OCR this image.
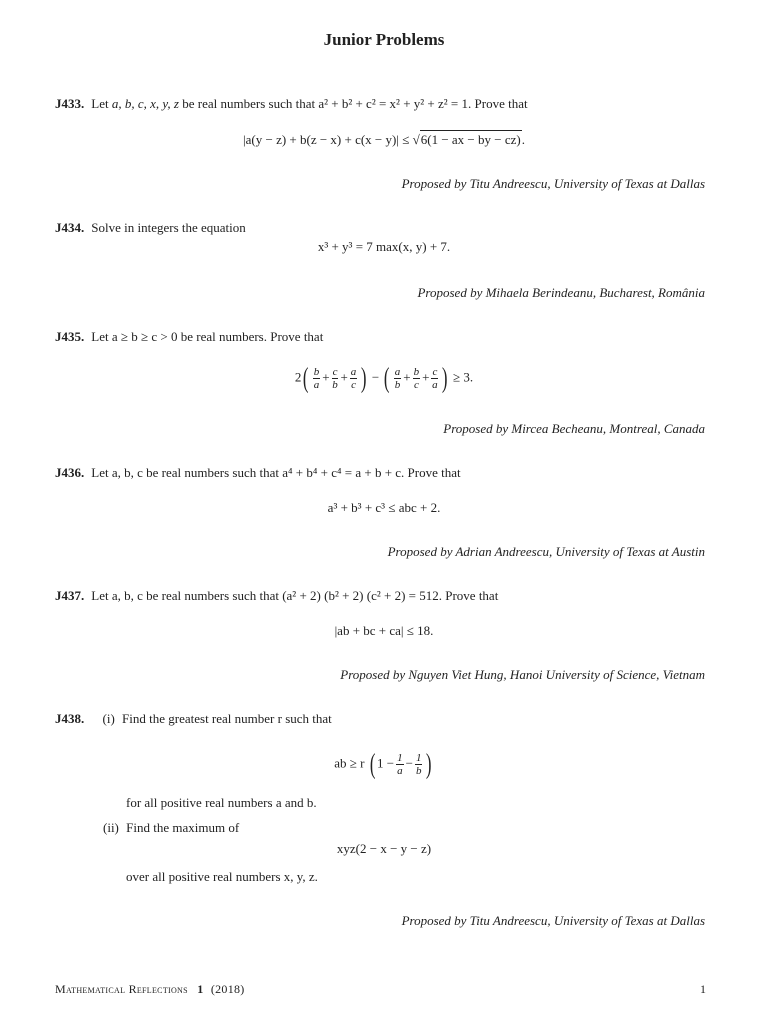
Junior Problems
J433. Let a, b, c, x, y, z be real numbers such that a² + b² + c² = x² + y² + z² = 1. Prove that
|a(y − z) + b(z − x) + c(x − y)| ≤ √6(1 − ax − by − cz).
Proposed by Titu Andreescu, University of Texas at Dallas
J434. Solve in integers the equation
x³ + y³ = 7 max(x, y) + 7.
Proposed by Mihaela Berindeanu, Bucharest, România
J435. Let a ≥ b ≥ c > 0 be real numbers. Prove that
$2( \frac{b}{a} + \frac{c}{b} + \frac{a}{c}$ ) − ( $\frac{a}{b} + \frac{b}{c} + \frac{c}{a}$ ) ≥ 3.
Proposed by Mircea Becheanu, Montreal, Canada
J436. Let a, b, c be real numbers such that a⁴ + b⁴ + c⁴ = a + b + c. Prove that
a³ + b³ + c³ ≤ abc + 2.
Proposed by Adrian Andreescu, University of Texas at Austin
J437. Let a, b, c be real numbers such that (a² + 2) (b² + 2) (c² + 2) = 512. Prove that
|ab + bc + ca| ≤ 18.
Proposed by Nguyen Viet Hung, Hanoi University of Science, Vietnam
J438. (i) Find the greatest real number r such that
ab ≥ r ( $1 - \frac{1}{a} - \frac{1}{b}$ )
for all positive real numbers a and b.
(ii) Find the maximum of
xyz(2 − x − y − z)
over all positive real numbers x, y, z.
Proposed by Titu Andreescu, University of Texas at Dallas
Mathematical Reflections 1 (2018)	1
